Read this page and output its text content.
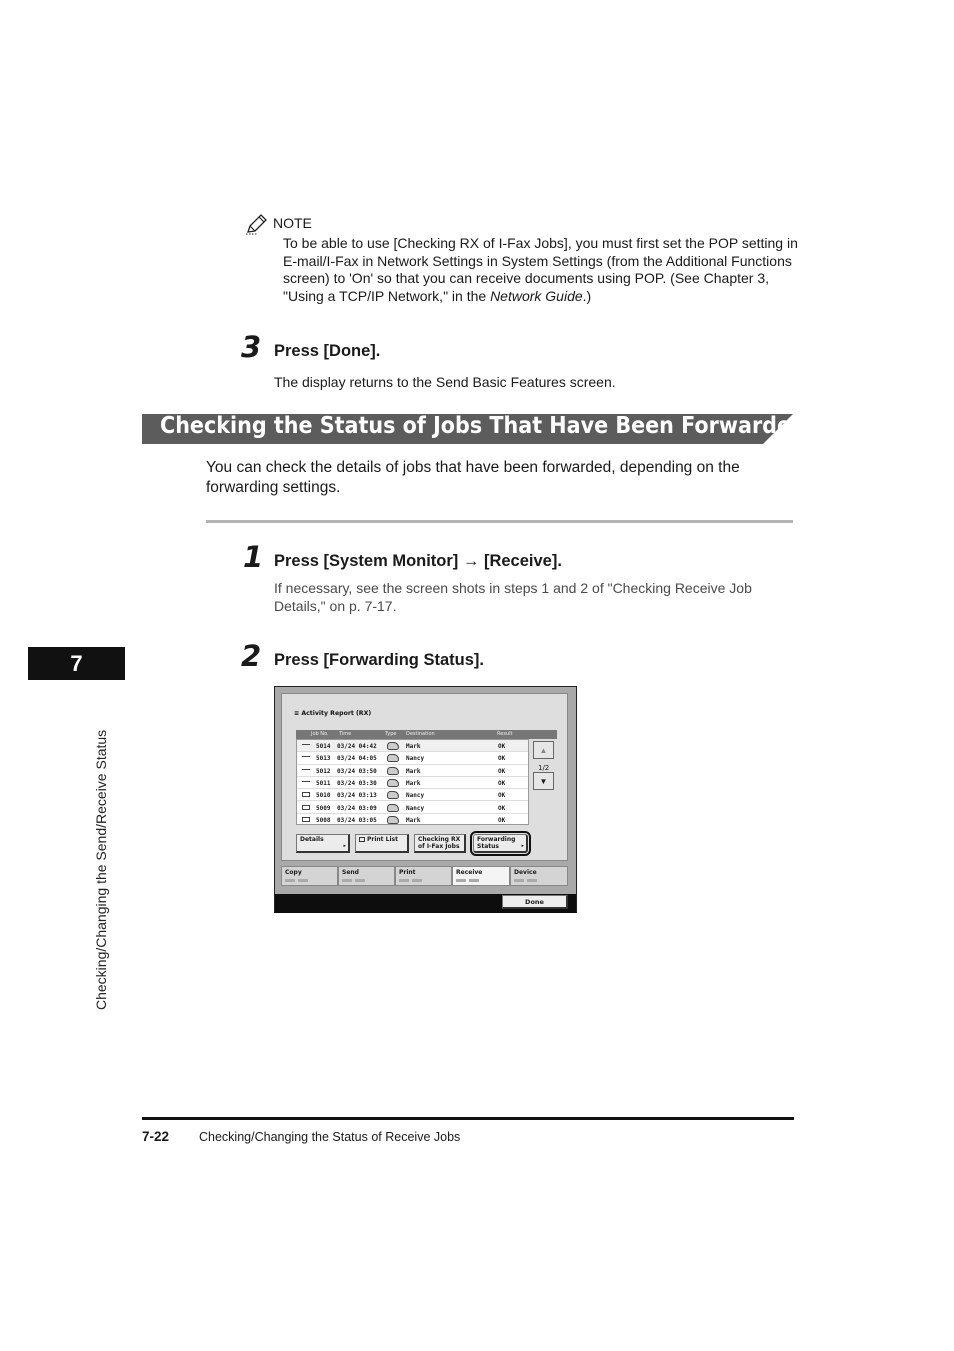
NOTE
To be able to use [Checking RX of I-Fax Jobs], you must first set the POP setting in E-mail/I-Fax in Network Settings in System Settings (from the Additional Functions screen) to 'On' so that you can receive documents using POP. (See Chapter 3, "Using a TCP/IP Network," in the Network Guide.)
3 Press [Done].
The display returns to the Send Basic Features screen.
Checking the Status of Jobs That Have Been Forwarded
You can check the details of jobs that have been forwarded, depending on the forwarding settings.
1 Press [System Monitor] → [Receive].
If necessary, see the screen shots in steps 1 and 2 of "Checking Receive Job Details," on p. 7-17.
2 Press [Forwarding Status].
≡ Activity Report (RX)
Job No. Time	Type Destination	Result
5014 03/24 04:42	Mark	OK
5013 03/24 04:05	Nancy	OK
5012 03/24 03:50	Mark	OK
5011 03/24 03:30	Mark	OK
5010 03/24 03:13	Nancy	OK
5009 03/24 03:09	Nancy	OK
5008 03/24 03:05	Mark	OK
▲
1/2
▼
Details
▸
Print List	Checking RX
of I-Fax Jobs
Forwarding
Status	▸
Copy	Send	Print	Receive	Device
Done
7
Checking/Changing the Send/Receive Status
7-22 Checking/Changing the Status of Receive Jobs
